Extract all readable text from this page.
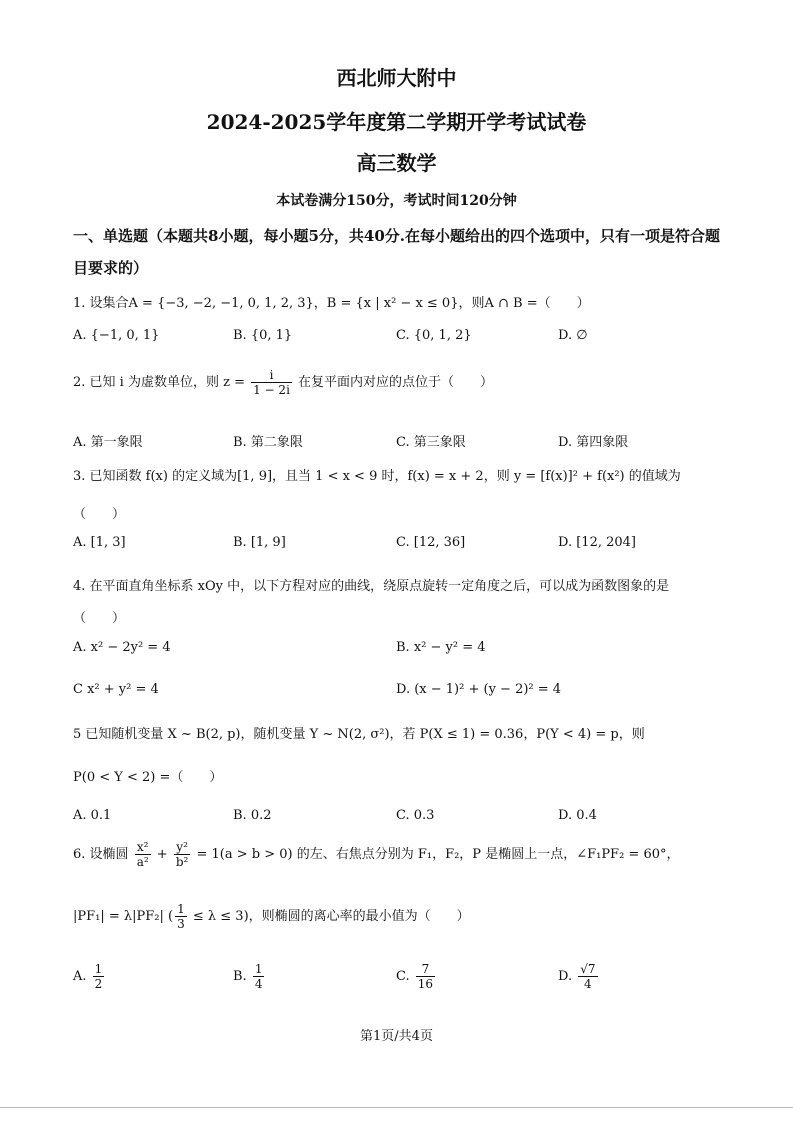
西北师大附中
2024-2025学年度第二学期开学考试试卷
高三数学
本试卷满分150分，考试时间120分钟
一、单选题（本题共8小题，每小题5分，共40分.在每小题给出的四个选项中，只有一项是符合题目要求的）
1. 设集合A = {−3, −2, −1, 0, 1, 2, 3}，B = {x | x² − x ≤ 0}，则A ∩ B =（　　）
A. {−1, 0, 1}	B. {0, 1}	C. {0, 1, 2}	D. ∅
2. 已知 i 为虚数单位，则 $z = \frac{i}{1 - 2i}$ 在复平面内对应的点位于（　　）
A. 第一象限	B. 第二象限	C. 第三象限	D. 第四象限
3. 已知函数 f(x) 的定义域为[1, 9]，且当 1 < x < 9 时，f(x) = x + 2，则 y = [f(x)]² + f(x²) 的值域为
（　　）
A. [1, 3]	B. [1, 9]	C. [12, 36]	D. [12, 204]
4. 在平面直角坐标系 xOy 中，以下方程对应的曲线，绕原点旋转一定角度之后，可以成为函数图象的是
（　　）
A. x² − 2y² = 4	B. x² − y² = 4
C x² + y² = 4	D. (x − 1)² + (y − 2)² = 4
5 已知随机变量 X ~ B(2, p)，随机变量 Y ~ N(2, σ²)，若 P(X ≤ 1) = 0.36，P(Y < 4) = p，则
P(0 < Y < 2) =（　　）
A. 0.1	B. 0.2	C. 0.3	D. 0.4
6. 设椭圆 $\frac{\text{x²}}{\text{a²}} + \frac{\text{y²}}{\text{b²}} = 1(a > b > 0)$ 的左、右焦点分别为 F₁，F₂，P 是椭圆上一点，∠F₁PF₂ = 60°，
|PF₁| = λ|PF₂| ( $\frac{1}{3} \le \lambda \le 3$)，则椭圆的离心率的最小值为（　　）
A. $\frac{1}{2}$	B. $\frac{1}{4}$	C. $\frac{7}{16}$	D. $\frac{√7}{4}$
第1页/共4页
